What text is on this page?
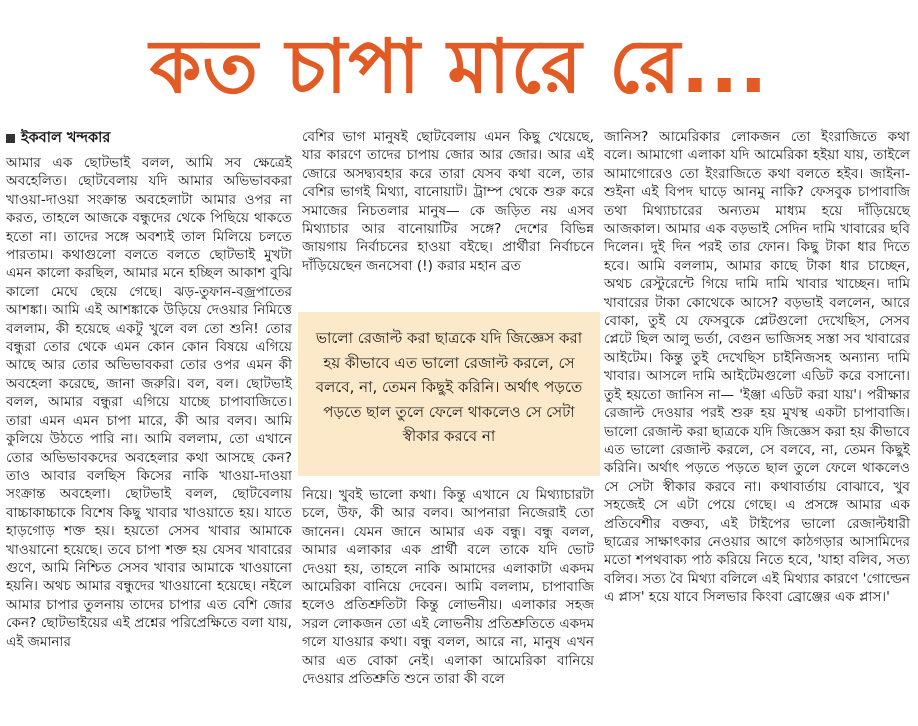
কত চাপা মারে রে...
ইকবাল খন্দকার

আমার এক ছোটভাই বলল, আমি সব ক্ষেত্রেই অবহেলিত। ছোটবেলায় যদি আমার অভিভাবকরা খাওয়া-দাওয়া সংক্রান্ত অবহেলাটা আমার ওপর না করত, তাহলে আজকে বন্ধুদের থেকে পিছিয়ে থাকতে হতো না। তাদের সঙ্গে অবশ্যই তাল মিলিয়ে চলতে পারতাম। কথাগুলো বলতে বলতে ছোটভাই মুখটা এমন কালো করছিল, আমার মনে হচ্ছিল আকাশ বুঝি কালো মেঘে ছেয়ে গেছে। ঝড়-তুফান-বজ্রপাতের আশঙ্কা। আমি এই আশঙ্কাকে উড়িয়ে দেওয়ার নিমিত্তে বললাম, কী হয়েছে একটু খুলে বল তো শুনি! তোর বন্ধুরা তোর থেকে এমন কোন কোন বিষয়ে এগিয়ে আছে আর তোর অভিভাবকরা তোর ওপর এমন কী অবহেলা করেছে, জানা জরুরি। বল, বল। ছোটভাই বলল, আমার বন্ধুরা এগিয়ে যাচ্ছে চাপাবাজিতে। তারা এমন এমন চাপা মারে, কী আর বলব। আমি কুলিয়ে উঠতে পারি না। আমি বললাম, তো এখানে তোর অভিভাবকদের অবহেলার কথা আসছে কেন? তাও আবার বলছিস কিসের নাকি খাওয়া-দাওয়া সংক্রান্ত অবহেলা। ছোটভাই বলল, ছোটবেলায় বাচ্চাকাচ্চাকে বিশেষ কিছু খাবার খাওয়াতে হয়। যাতে হাড়গোড় শক্ত হয়। হয়তো সেসব খাবার আমাকে খাওয়ানো হয়েছে। তবে চাপা শক্ত হয় যেসব খাবারের গুণে, আমি নিশ্চিত সেসব খাবার আমাকে খাওয়ানো হয়নি। অথচ আমার বন্ধুদের খাওয়ানো হয়েছে। নইলে আমার চাপার তুলনায় তাদের চাপার এত বেশি জোর কেন? ছোটভাইয়ের এই প্রশ্নের পরিপ্রেক্ষিতে বলা যায়, এই জমানার

বেশির ভাগ মানুষই ছোটবেলায় এমন কিছু খেয়েছে, যার কারণে তাদের চাপায় জোর আর জোর। আর এই জোরে অসদ্ব্যবহার করে তারা যেসব কথা বলে, তার বেশির ভাগই মিথ্যা, বানোয়াট। ট্রাম্প থেকে শুরু করে সমাজের নিচতলার মানুষ— কে জড়িত নয় এসব মিথ্যাচার আর বানোয়াটির সঙ্গে? দেশের বিভিন্ন জায়গায় নির্বাচনের হাওয়া বইছে। প্রার্থীরা নির্বাচনে দাঁড়িয়েছেন জনসেবা (!) করার মহান ব্রত

ভালো রেজাল্ট করা ছাত্রকে যদি জিজ্ঞেস করা হয় কীভাবে এত ভালো রেজাল্ট করলে, সে বলবে, না, তেমন কিছুই করিনি। অর্থাৎ পড়তে পড়তে ছাল তুলে ফেলে থাকলেও সে সেটা স্বীকার করবে না

নিয়ে। খুবই ভালো কথা। কিন্তু এখানে যে মিথ্যাচারটা চলে, উফ, কী আর বলব। আপনারা নিজেরাই তো জানেন। যেমন জানে আমার এক বন্ধু। বন্ধু বলল, আমার এলাকার এক প্রার্থী বলে তাকে যদি ভোট দেওয়া হয়, তাহলে নাকি আমাদের এলাকাটা একদম আমেরিকা বানিয়ে দেবেন। আমি বললাম, চাপাবাজি হলেও প্রতিশ্রুতিটা কিন্তু লোভনীয়। এলাকার সহজ সরল লোকজন তো এই লোভনীয় প্রতিশ্রুতিতে একদম গলে যাওয়ার কথা। বন্ধু বলল, আরে না, মানুষ এখন আর এত বোকা নেই। এলাকা আমেরিকা বানিয়ে দেওয়ার প্রতিশ্রুতি শুনে তারা কী বলে

জানিস? আমেরিকার লোকজন তো ইংরাজিতে কথা বলে। আমাগো এলাকা যদি আমেরিকা হইয়া যায়, তাইলে আমাগোরেও তো ইংরাজিতে কথা বলতে হইব। জাইনা-শুইনা এই বিপদ ঘাড়ে আনমু নাকি? ফেসবুক চাপাবাজি তথা মিথ্যাচারের অন্যতম মাধ্যম হয়ে দাঁড়িয়েছে আজকাল। আমার এক বড়ভাই সেদিন দামি খাবারের ছবি দিলেন। দুই দিন পরই তার ফোন। কিছু টাকা ধার দিতে হবে। আমি বললাম, আমার কাছে টাকা ধার চাচ্ছেন, অথচ রেস্টুরেন্টে গিয়ে দামি দামি খাবার খাচ্ছেন। দামি খাবারের টাকা কোথেকে আসে? বড়ভাই বললেন, আরে বোকা, তুই যে ফেসবুকে প্লেটগুলো দেখেছিস, সেসব প্লেটে ছিল আলু ভর্তা, বেগুন ভাজিসহ সস্তা সব খাবারের আইটেম। কিন্তু তুই দেখেছিস চাইনিজসহ অন্যান্য দামি খাবার। আসলে দামি আইটেমগুলো এডিট করে বসানো। তুই হয়তো জানিস না— 'ইঞ্জা এডিট করা যায়'। পরীক্ষার রেজাল্ট দেওয়ার পরই শুরু হয় মুখস্থ একটা চাপাবাজি। ভালো রেজাল্ট করা ছাত্রকে যদি জিজ্ঞেস করা হয় কীভাবে এত ভালো রেজাল্ট করলে, সে বলবে, না, তেমন কিছুই করিনি। অর্থাৎ পড়তে পড়তে ছাল তুলে ফেলে থাকলেও সে সেটা স্বীকার করবে না। কথাবার্তায় বোঝাবে, খুব সহজেই সে এটা পেয়ে গেছে। এ প্রসঙ্গে আমার এক প্রতিবেশীর বক্তব্য, এই টাইপের ভালো রেজাল্টধারী ছাত্রের সাক্ষাৎকার নেওয়ার আগে কাঠগড়ার আসামিদের মতো শপথবাক্য পাঠ করিয়ে নিতে হবে, 'যাহা বলিব, সত্য বলিব। সত্য বৈ মিথ্যা বলিলে এই মিথ্যার কারণে 'গোল্ডেন এ প্লাস' হয়ে যাবে সিলভার কিংবা ব্রোঞ্জের এক প্লাস।'
